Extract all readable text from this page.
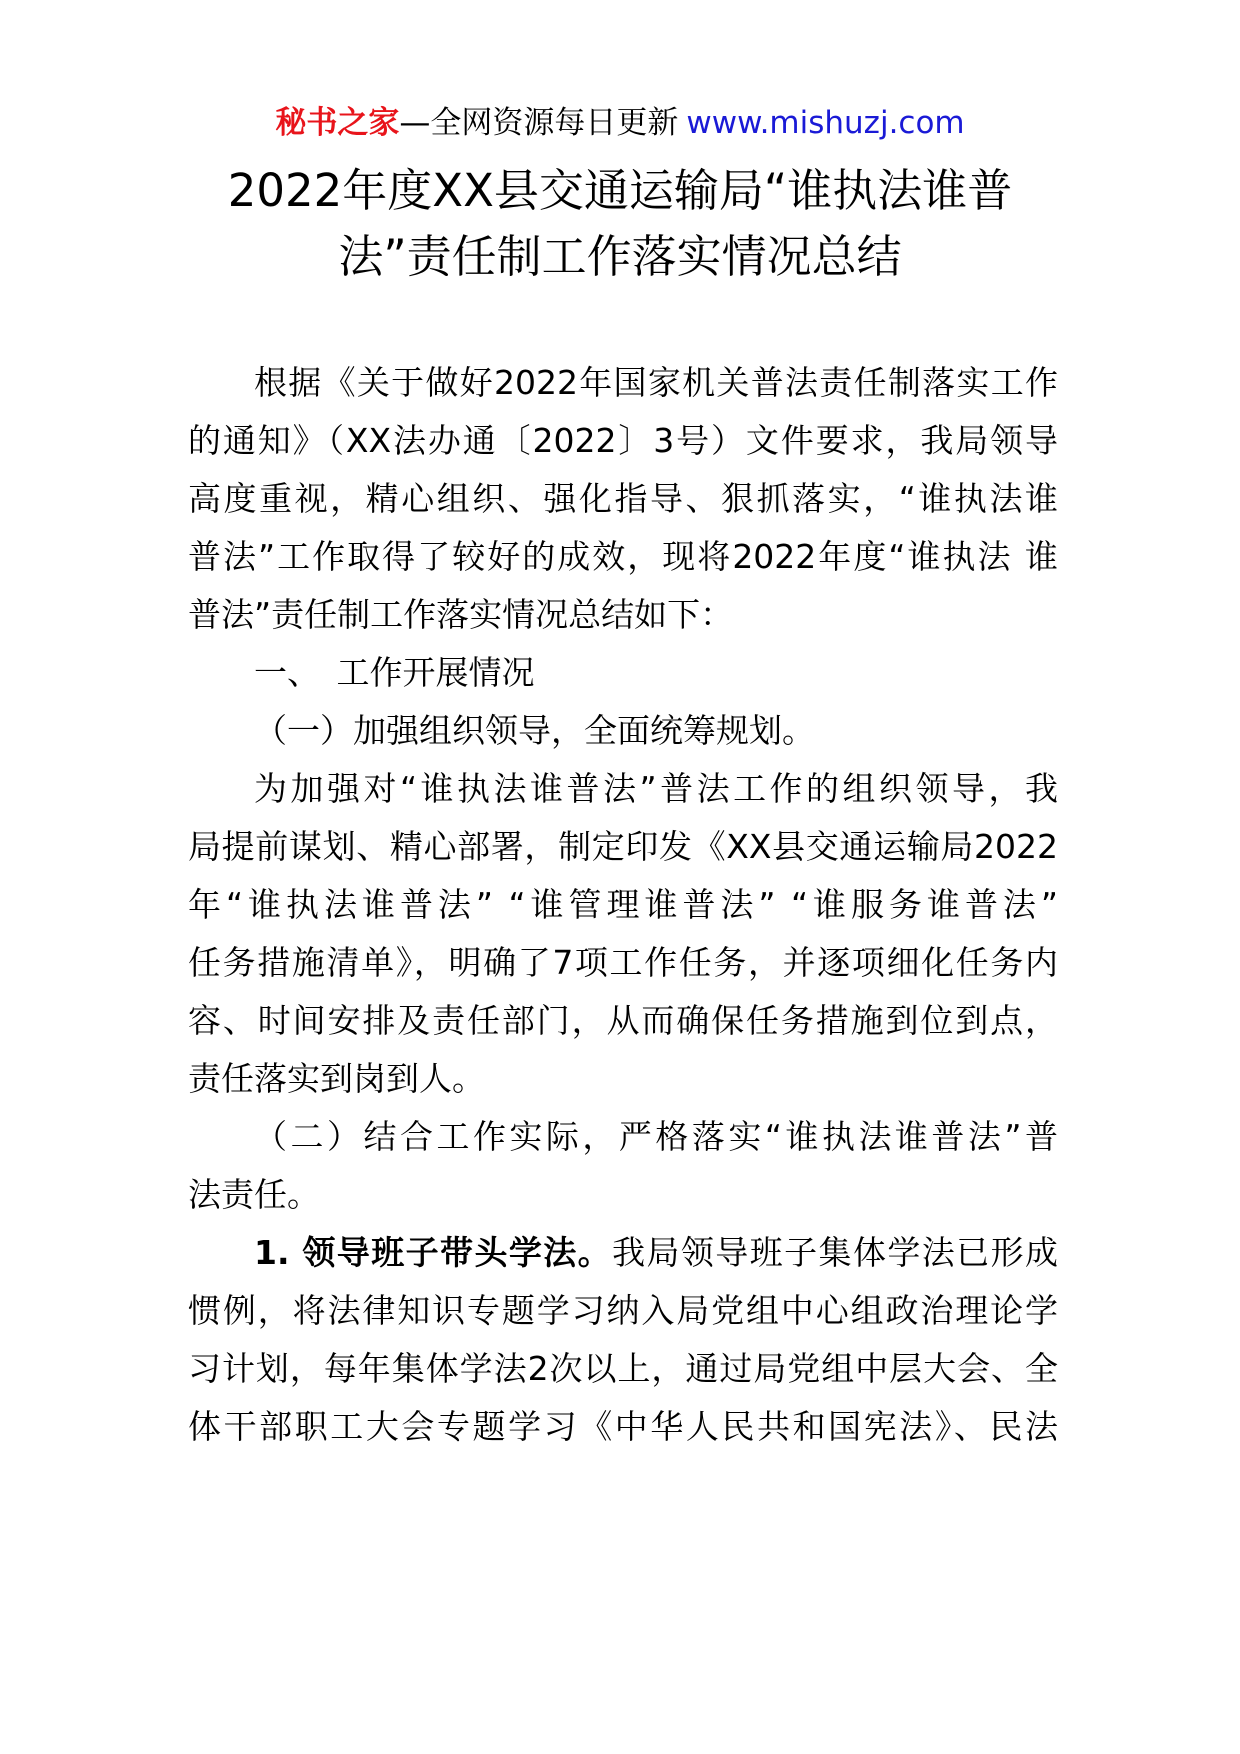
秘书之家—全网资源每日更新 www.mishuzj.com
2022年度XX县交通运输局“谁执法谁普
法”责任制工作落实情况总结
根据《关于做好2022年国家机关普法责任制落实工作
的通知》（XX法办通〔2022〕3号）文件要求，我局领导
高度重视，精心组织、强化指导、狠抓落实，“谁执法谁
普法”工作取得了较好的成效，现将2022年度“谁执法 谁
普法”责任制工作落实情况总结如下：
一、　工作开展情况
（一）加强组织领导，全面统筹规划。
为加强对“谁执法谁普法”普法工作的组织领导，我
局提前谋划、精心部署，制定印发《XX县交通运输局2022
年“谁执法谁普法” “谁管理谁普法” “谁服务谁普法”
任务措施清单》，明确了7项工作任务，并逐项细化任务内
容、时间安排及责任部门，从而确保任务措施到位到点，
责任落实到岗到人。
（二）结合工作实际，严格落实“谁执法谁普法”普
法责任。
1. 领导班子带头学法。我局领导班子集体学法已形成
惯例，将法律知识专题学习纳入局党组中心组政治理论学
习计划，每年集体学法2次以上，通过局党组中层大会、全
体干部职工大会专题学习《中华人民共和国宪法》、民法
